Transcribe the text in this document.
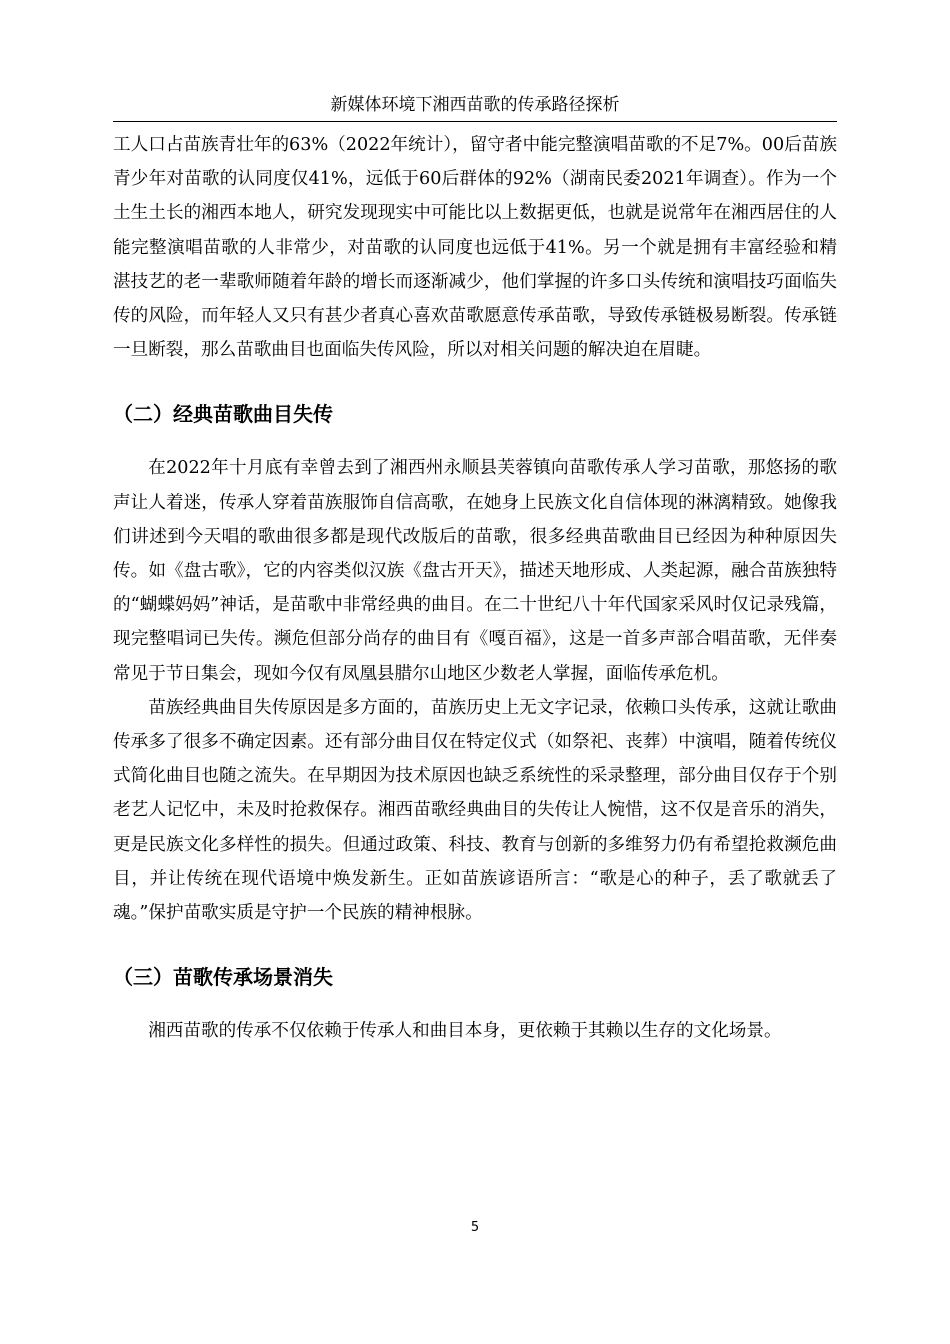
新媒体环境下湘西苗歌的传承路径探析

工人口占苗族青壮年的63%（2022年统计），留守者中能完整演唱苗歌的不足7%。00后苗族青少年对苗歌的认同度仅41%，远低于60后群体的92%（湖南民委2021年调查）。作为一个土生土长的湘西本地人，研究发现现实中可能比以上数据更低，也就是说常年在湘西居住的人能完整演唱苗歌的人非常少，对苗歌的认同度也远低于41%。另一个就是拥有丰富经验和精湛技艺的老一辈歌师随着年龄的增长而逐渐减少，他们掌握的许多口头传统和演唱技巧面临失传的风险，而年轻人又只有甚少者真心喜欢苗歌愿意传承苗歌，导致传承链极易断裂。传承链一旦断裂，那么苗歌曲目也面临失传风险，所以对相关问题的解决迫在眉睫。

（二）经典苗歌曲目失传

在2022年十月底有幸曾去到了湘西州永顺县芙蓉镇向苗歌传承人学习苗歌，那悠扬的歌声让人着迷，传承人穿着苗族服饰自信高歌，在她身上民族文化自信体现的淋漓精致。她像我们讲述到今天唱的歌曲很多都是现代改版后的苗歌，很多经典苗歌曲目已经因为种种原因失传。如《盘古歌》，它的内容类似汉族《盘古开天》，描述天地形成、人类起源，融合苗族独特的“蝴蝶妈妈”神话，是苗歌中非常经典的曲目。在二十世纪八十年代国家采风时仅记录残篇，现完整唱词已失传。濒危但部分尚存的曲目有《嘎百福》，这是一首多声部合唱苗歌，无伴奏常见于节日集会，现如今仅有凤凰县腊尔山地区少数老人掌握，面临传承危机。

苗族经典曲目失传原因是多方面的，苗族历史上无文字记录，依赖口头传承，这就让歌曲传承多了很多不确定因素。还有部分曲目仅在特定仪式（如祭祀、丧葬）中演唱，随着传统仪式简化曲目也随之流失。在早期因为技术原因也缺乏系统性的采录整理，部分曲目仅存于个别老艺人记忆中，未及时抢救保存。湘西苗歌经典曲目的失传让人惋惜，这不仅是音乐的消失，更是民族文化多样性的损失。但通过政策、科技、教育与创新的多维努力仍有希望抢救濒危曲目，并让传统在现代语境中焕发新生。正如苗族谚语所言：“歌是心的种子，丢了歌就丢了魂。”保护苗歌实质是守护一个民族的精神根脉。

（三）苗歌传承场景消失

湘西苗歌的传承不仅依赖于传承人和曲目本身，更依赖于其赖以生存的文化场景。

5
